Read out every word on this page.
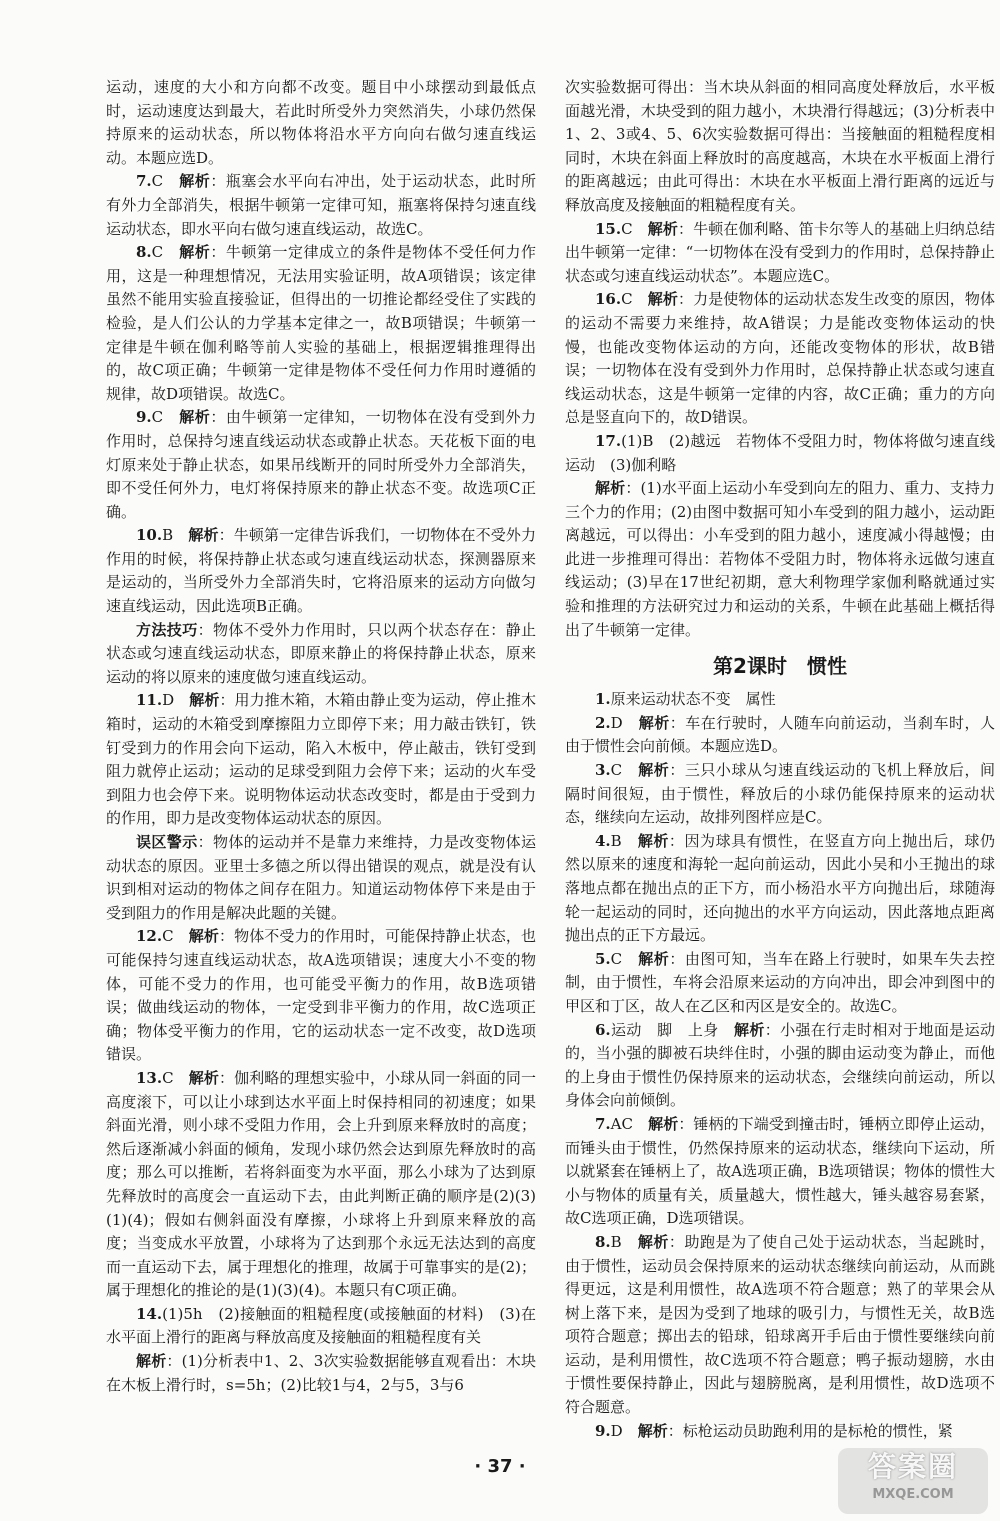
运动，速度的大小和方向都不改变。题目中小球摆动到最低点时，运动速度达到最大，若此时所受外力突然消失，小球仍然保持原来的运动状态，所以物体将沿水平方向向右做匀速直线运动。本题应选D。

7.C　 解析：瓶塞会水平向右冲出，处于运动状态，此时所有外力全部消失，根据牛顿第一定律可知，瓶塞将保持匀速直线运动状态，即水平向右做匀速直线运动，故选C。

8.C　 解析：牛顿第一定律成立的条件是物体不受任何力作用，这是一种理想情况，无法用实验证明，故A项错误；该定律虽然不能用实验直接验证，但得出的一切推论都经受住了实践的检验，是人们公认的力学基本定律之一，故B项错误；牛顿第一定律是牛顿在伽利略等前人实验的基础上，根据逻辑推理得出的，故C项正确；牛顿第一定律是物体不受任何力作用时遵循的规律，故D项错误。故选C。

9.C　 解析：由牛顿第一定律知，一切物体在没有受到外力作用时，总保持匀速直线运动状态或静止状态。天花板下面的电灯原来处于静止状态，如果吊线断开的同时所受外力全部消失，即不受任何外力，电灯将保持原来的静止状态不变。故选项C正确。

10.B　 解析：牛顿第一定律告诉我们，一切物体在不受外力作用的时候，将保持静止状态或匀速直线运动状态，探测器原来是运动的，当所受外力全部消失时，它将沿原来的运动方向做匀速直线运动，因此选项B正确。

方法技巧：物体不受外力作用时，只以两个状态存在：静止状态或匀速直线运动状态，即原来静止的将保持静止状态，原来运动的将以原来的速度做匀速直线运动。

11.D　 解析：用力推木箱，木箱由静止变为运动，停止推木箱时，运动的木箱受到摩擦阻力立即停下来；用力敲击铁钉，铁钉受到力的作用会向下运动，陷入木板中，停止敲击，铁钉受到阻力就停止运动；运动的足球受到阻力会停下来；运动的火车受到阻力也会停下来。说明物体运动状态改变时，都是由于受到力的作用，即力是改变物体运动状态的原因。

误区警示：物体的运动并不是靠力来维持，力是改变物体运动状态的原因。亚里士多德之所以得出错误的观点，就是没有认识到相对运动的物体之间存在阻力。知道运动物体停下来是由于受到阻力的作用是解决此题的关键。

12.C　 解析：物体不受力的作用时，可能保持静止状态，也可能保持匀速直线运动状态，故A选项错误；速度大小不变的物体，可能不受力的作用，也可能受平衡力的作用，故B选项错误；做曲线运动的物体，一定受到非平衡力的作用，故C选项正确；物体受平衡力的作用，它的运动状态一定不改变，故D选项错误。

13.C　 解析：伽利略的理想实验中，小球从同一斜面的同一高度滚下，可以让小球到达水平面上时保持相同的初速度；如果斜面光滑，则小球不受阻力作用，会上升到原来释放时的高度；然后逐渐减小斜面的倾角，发现小球仍然会达到原先释放时的高度；那么可以推断，若将斜面变为水平面，那么小球为了达到原先释放时的高度会一直运动下去，由此判断正确的顺序是(2)(3)(1)(4)；假如右侧斜面没有摩擦，小球将上升到原来释放的高度；当变成水平放置，小球将为了达到那个永远无法达到的高度而一直运动下去，属于理想化的推理，故属于可靠事实的是(2)；属于理想化的推论的是(1)(3)(4)。本题只有C项正确。

14.(1)5h　(2)接触面的粗糙程度(或接触面的材料)　(3)在水平面上滑行的距离与释放高度及接触面的粗糙程度有关

解析：(1)分析表中1、2、3次实验数据能够直观看出：木块在木板上滑行时，s=5h；(2)比较1与4，2与5，3与6

次实验数据可得出：当木块从斜面的相同高度处释放后，水平板面越光滑，木块受到的阻力越小，木块滑行得越远；(3)分析表中1、2、3或4、5、6次实验数据可得出：当接触面的粗糙程度相同时，木块在斜面上释放时的高度越高，木块在水平板面上滑行的距离越远；由此可得出：木块在水平板面上滑行距离的远近与释放高度及接触面的粗糙程度有关。

15.C　 解析：牛顿在伽利略、笛卡尔等人的基础上归纳总结出牛顿第一定律：“一切物体在没有受到力的作用时，总保持静止状态或匀速直线运动状态”。本题应选C。

16.C　 解析：力是使物体的运动状态发生改变的原因，物体的运动不需要力来维持，故A错误；力是能改变物体运动的快慢，也能改变物体运动的方向，还能改变物体的形状，故B错误；一切物体在没有受到外力作用时，总保持静止状态或匀速直线运动状态，这是牛顿第一定律的内容，故C正确；重力的方向总是竖直向下的，故D错误。

17.(1)B　(2)越远　若物体不受阻力时，物体将做匀速直线运动　(3)伽利略

解析：(1)水平面上运动小车受到向左的阻力、重力、支持力三个力的作用；(2)由图中数据可知小车受到的阻力越小，运动距离越远，可以得出：小车受到的阻力越小，速度减小得越慢；由此进一步推理可得出：若物体不受阻力时，物体将永远做匀速直线运动；(3)早在17世纪初期，意大利物理学家伽利略就通过实验和推理的方法研究过力和运动的关系，牛顿在此基础上概括得出了牛顿第一定律。

第2课时　惯性

1.原来运动状态不变　属性

2.D　 解析：车在行驶时，人随车向前运动，当刹车时，人由于惯性会向前倾。本题应选D。

3.C　 解析：三只小球从匀速直线运动的飞机上释放后，间隔时间很短，由于惯性，释放后的小球仍能保持原来的运动状态，继续向左运动，故排列图样应是C。

4.B　 解析：因为球具有惯性，在竖直方向上抛出后，球仍然以原来的速度和海轮一起向前运动，因此小吴和小王抛出的球落地点都在抛出点的正下方，而小杨沿水平方向抛出后，球随海轮一起运动的同时，还向抛出的水平方向运动，因此落地点距离抛出点的正下方最远。

5.C　 解析：由图可知，当车在路上行驶时，如果车失去控制，由于惯性，车将会沿原来运动的方向冲出，即会冲到图中的甲区和丁区，故人在乙区和丙区是安全的。故选C。

6.运动　脚　上身　 解析：小强在行走时相对于地面是运动的，当小强的脚被石块绊住时，小强的脚由运动变为静止，而他的上身由于惯性仍保持原来的运动状态，会继续向前运动，所以身体会向前倾倒。

7.AC　 解析：锤柄的下端受到撞击时，锤柄立即停止运动，而锤头由于惯性，仍然保持原来的运动状态，继续向下运动，所以就紧套在锤柄上了，故A选项正确，B选项错误；物体的惯性大小与物体的质量有关，质量越大，惯性越大，锤头越容易套紧，故C选项正确，D选项错误。

8.B　 解析：助跑是为了使自己处于运动状态，当起跳时，由于惯性，运动员会保持原来的运动状态继续向前运动，从而跳得更远，这是利用惯性，故A选项不符合题意；熟了的苹果会从树上落下来，是因为受到了地球的吸引力，与惯性无关，故B选项符合题意；掷出去的铅球，铅球离开手后由于惯性要继续向前运动，是利用惯性，故C选项不符合题意；鸭子振动翅膀，水由于惯性要保持静止，因此与翅膀脱离，是利用惯性，故D选项不符合题意。

9.D　 解析：标枪运动员助跑利用的是标枪的惯性，紧

· 37 ·	答案圈
MXQE.COM
